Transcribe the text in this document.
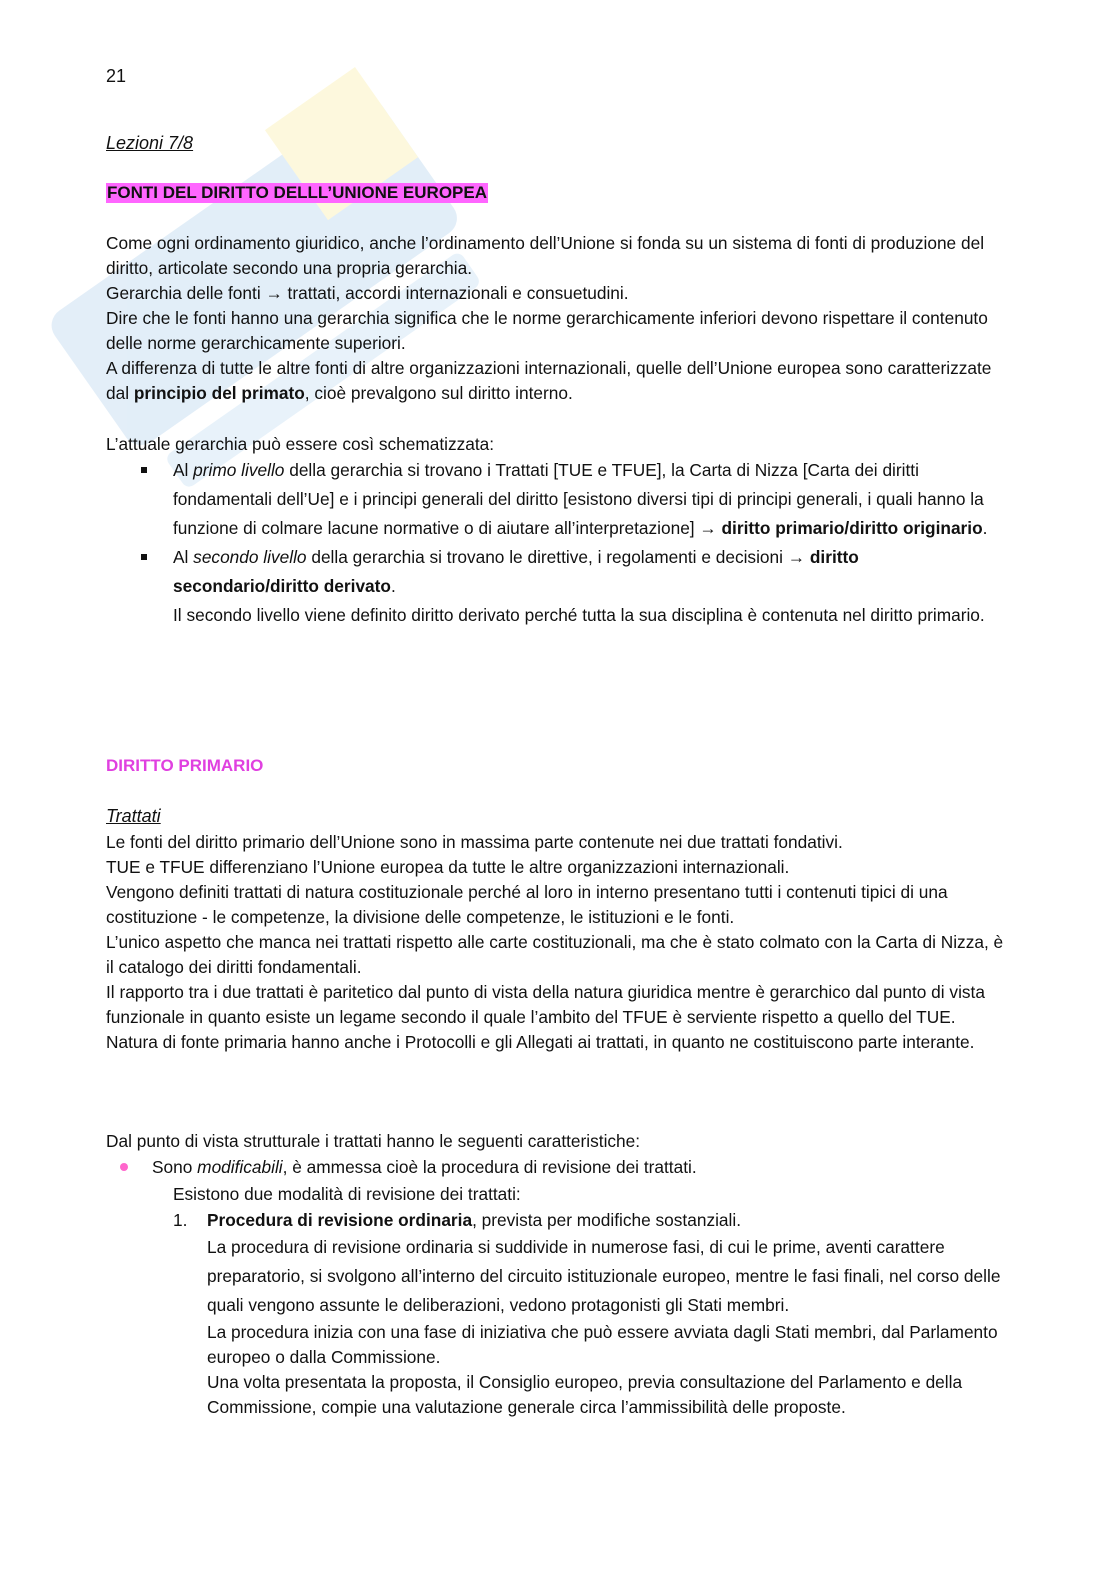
21
Lezioni 7/8
FONTI DEL DIRITTO DELLL’UNIONE EUROPEA

Come ogni ordinamento giuridico, anche l’ordinamento dell’Unione si fonda su un sistema di fonti di produzione del diritto, articolate secondo una propria gerarchia.

Gerarchia delle fonti → trattati, accordi internazionali e consuetudini.

Dire che le fonti hanno una gerarchia significa che le norme gerarchicamente inferiori devono rispettare il contenuto delle norme gerarchicamente superiori.

A differenza di tutte le altre fonti di altre organizzazioni internazionali, quelle dell’Unione europea sono caratterizzate dal principio del primato, cioè prevalgono sul diritto interno.

L’attuale gerarchia può essere così schematizzata:
Al primo livello della gerarchia si trovano i Trattati [TUE e TFUE], la Carta di Nizza [Carta dei diritti fondamentali dell’Ue] e i principi generali del diritto [esistono diversi tipi di principi generali, i quali hanno la funzione di colmare lacune normative o di aiutare all’interpretazione] → diritto primario/diritto originario.
Al secondo livello della gerarchia si trovano le direttive, i regolamenti e decisioni → diritto secondario/diritto derivato.
Il secondo livello viene definito diritto derivato perché tutta la sua disciplina è contenuta nel diritto primario.
DIRITTO PRIMARIO
Trattati

Le fonti del diritto primario dell’Unione sono in massima parte contenute nei due trattati fondativi.

TUE e TFUE differenziano l’Unione europea da tutte le altre organizzazioni internazionali.

Vengono definiti trattati di natura costituzionale perché al loro in interno presentano tutti i contenuti tipici di una costituzione - le competenze, la divisione delle competenze, le istituzioni e le fonti.

L’unico aspetto che manca nei trattati rispetto alle carte costituzionali, ma che è stato colmato con la Carta di Nizza, è il catalogo dei diritti fondamentali.

Il rapporto tra i due trattati è paritetico dal punto di vista della natura giuridica mentre è gerarchico dal punto di vista funzionale in quanto esiste un legame secondo il quale l’ambito del TFUE è serviente rispetto a quello del TUE.

Natura di fonte primaria hanno anche i Protocolli e gli Allegati ai trattati, in quanto ne costituiscono parte interante.

Dal punto di vista strutturale i trattati hanno le seguenti caratteristiche:
Sono modificabili, è ammessa cioè la procedura di revisione dei trattati.
Esistono due modalità di revisione dei trattati:
1. Procedura di revisione ordinaria, prevista per modifiche sostanziali.

La procedura di revisione ordinaria si suddivide in numerose fasi, di cui le prime, aventi carattere preparatorio, si svolgono all’interno del circuito istituzionale europeo, mentre le fasi finali, nel corso delle quali vengono assunte le deliberazioni, vedono protagonisti gli Stati membri.

La procedura inizia con una fase di iniziativa che può essere avviata dagli Stati membri, dal Parlamento europeo o dalla Commissione.

Una volta presentata la proposta, il Consiglio europeo, previa consultazione del Parlamento e della Commissione, compie una valutazione generale circa l’ammissibilità delle proposte.
